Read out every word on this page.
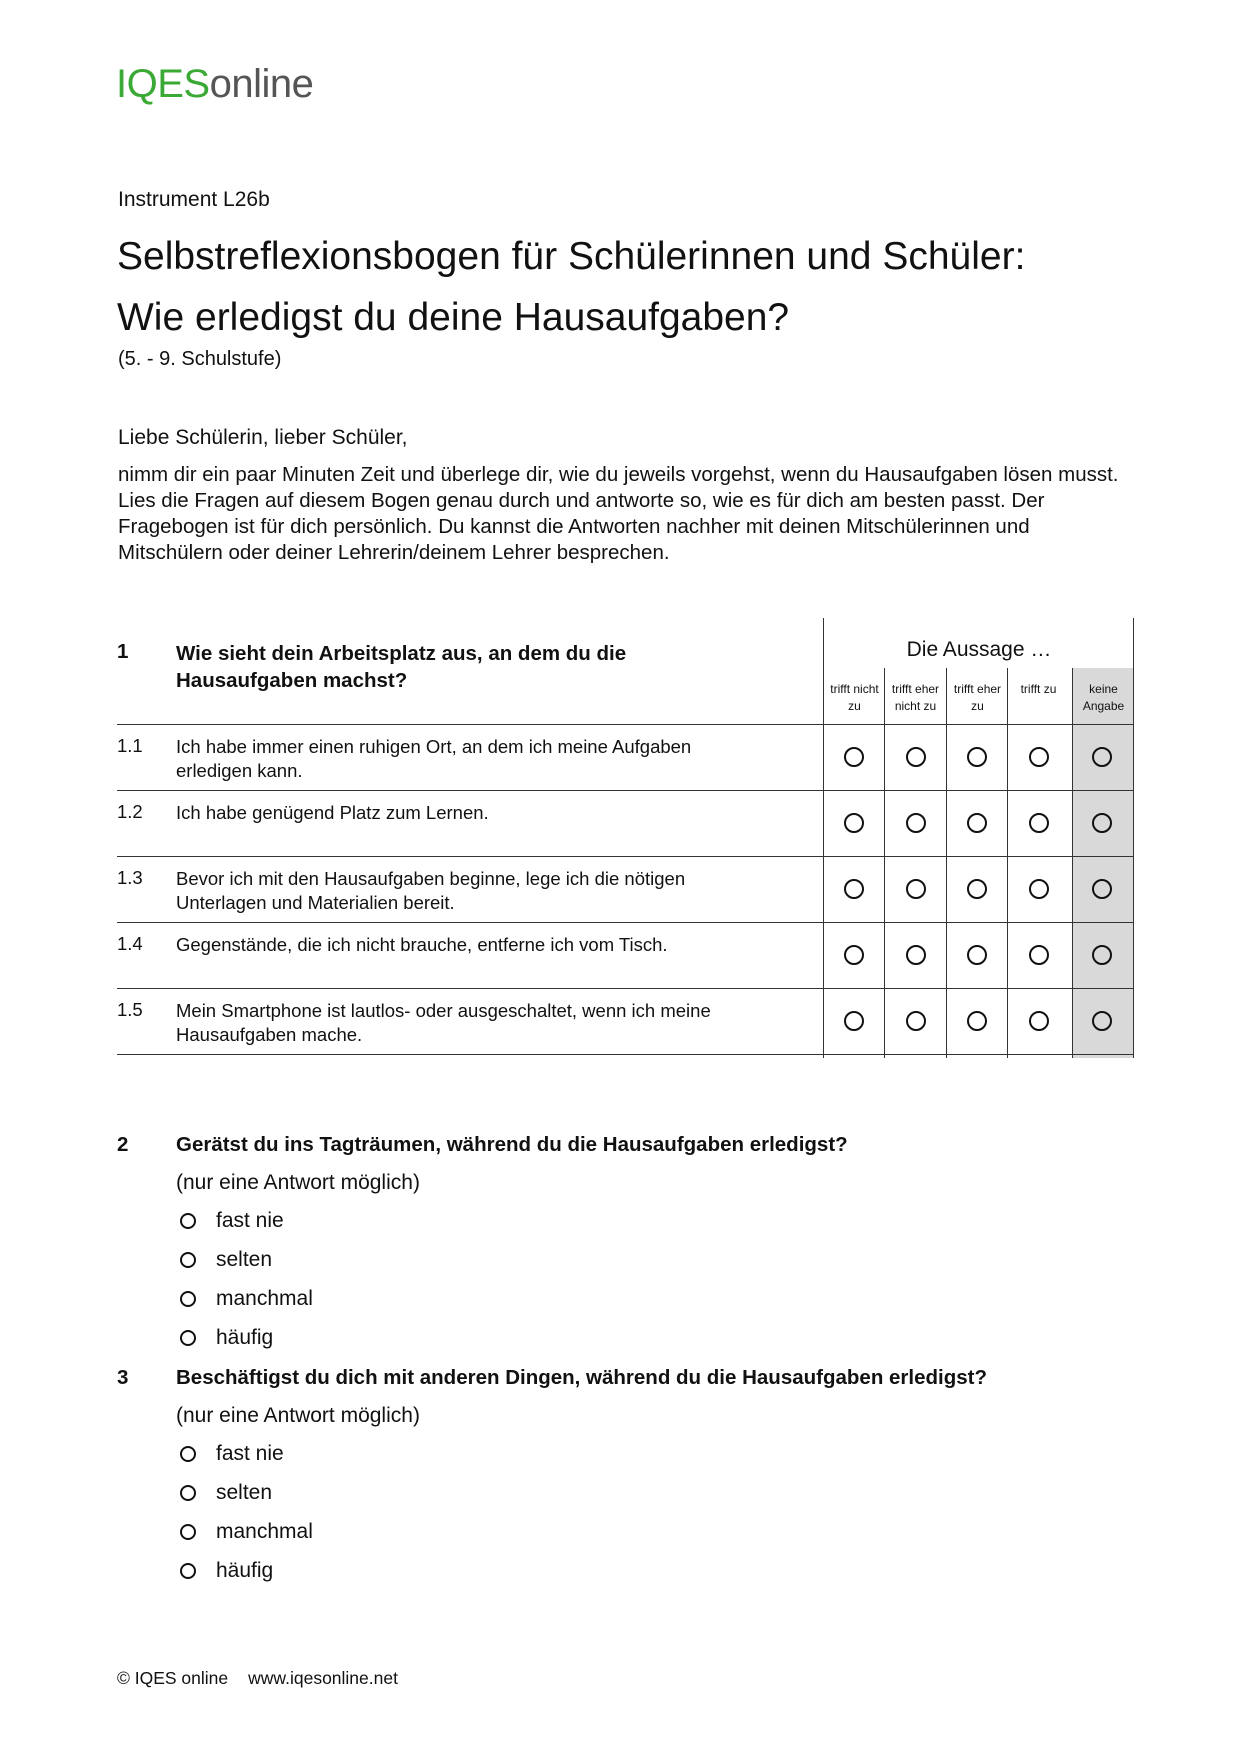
IQESonline
Instrument L26b
Selbstreflexionsbogen für Schülerinnen und Schüler:
Wie erledigst du deine Hausaufgaben?
(5. - 9. Schulstufe)
Liebe Schülerin, lieber Schüler,

nimm dir ein paar Minuten Zeit und überlege dir, wie du jeweils vorgehst, wenn du Hausaufgaben lösen musst. Lies die Fragen auf diesem Bogen genau durch und antworte so, wie es für dich am besten passt. Der Fragebogen ist für dich persönlich. Du kannst die Antworten nachher mit deinen Mitschülerinnen und Mitschülern oder deiner Lehrerin/deinem Lehrer besprechen.

1 Wie sieht dein Arbeitsplatz aus, an dem du die Hausaufgaben machst?
Die Aussage …
trifft nicht zu
trifft eher nicht zu
trifft eher zu
trifft zu	keine Angabe
1.1 Ich habe immer einen ruhigen Ort, an dem ich meine Aufgaben erledigen kann.
1.2 Ich habe genügend Platz zum Lernen.
1.3 Bevor ich mit den Hausaufgaben beginne, lege ich die nötigen Unterlagen und Materialien bereit.
1.4 Gegenstände, die ich nicht brauche, entferne ich vom Tisch.
1.5 Mein Smartphone ist lautlos- oder ausgeschaltet, wenn ich meine Hausaufgaben mache.
2 Gerätst du ins Tagträumen, während du die Hausaufgaben erledigst?
(nur eine Antwort möglich)
fast nie
selten
manchmal
häufig
3 Beschäftigst du dich mit anderen Dingen, während du die Hausaufgaben erledigst?
(nur eine Antwort möglich)
fast nie
selten
manchmal
häufig
© IQES online www.iqesonline.net
